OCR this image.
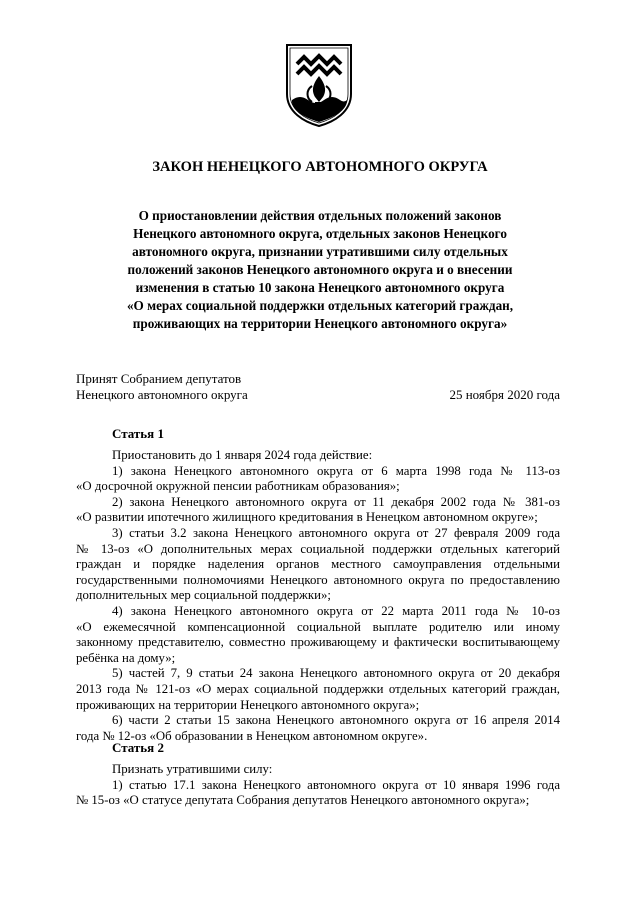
ЗАКОН НЕНЕЦКОГО АВТОНОМНОГО ОКРУГА
О приостановлении действия отдельных положений законов
Ненецкого автономного округа, отдельных законов Ненецкого
автономного округа, признании утратившими силу отдельных
положений законов Ненецкого автономного округа и о внесении
изменения в статью 10 закона Ненецкого автономного округа
«О мерах социальной поддержки отдельных категорий граждан,
проживающих на территории Ненецкого автономного округа»
Принят Собранием депутатов
Ненецкого автономного округа	25 ноября 2020 года
Статья 1
Приостановить до 1 января 2024 года действие:
1) закона Ненецкого автономного округа от 6 марта 1998 года № 113-оз
«О досрочной окружной пенсии работникам образования»;
2) закона Ненецкого автономного округа от 11 декабря 2002 года № 381-оз
«О развитии ипотечного жилищного кредитования в Ненецком автономном округе»;
3) статьи 3.2 закона Ненецкого автономного округа от 27 февраля 2009 года
№ 13-оз «О дополнительных мерах социальной поддержки отдельных категорий
граждан и порядке наделения органов местного самоуправления отдельными
государственными полномочиями Ненецкого автономного округа по предоставлению
дополнительных мер социальной поддержки»;
4) закона Ненецкого автономного округа от 22 марта 2011 года № 10-оз
«О ежемесячной компенсационной социальной выплате родителю или иному
законному представителю, совместно проживающему и фактически воспитывающему
ребёнка на дому»;
5) частей 7, 9 статьи 24 закона Ненецкого автономного округа от 20 декабря
2013 года № 121-оз «О мерах социальной поддержки отдельных категорий граждан,
проживающих на территории Ненецкого автономного округа»;
6) части 2 статьи 15 закона Ненецкого автономного округа от 16 апреля 2014
года № 12-оз «Об образовании в Ненецком автономном округе».
Статья 2
Признать утратившими силу:
1) статью 17.1 закона Ненецкого автономного округа от 10 января 1996 года
№ 15-оз «О статусе депутата Собрания депутатов Ненецкого автономного округа»;
